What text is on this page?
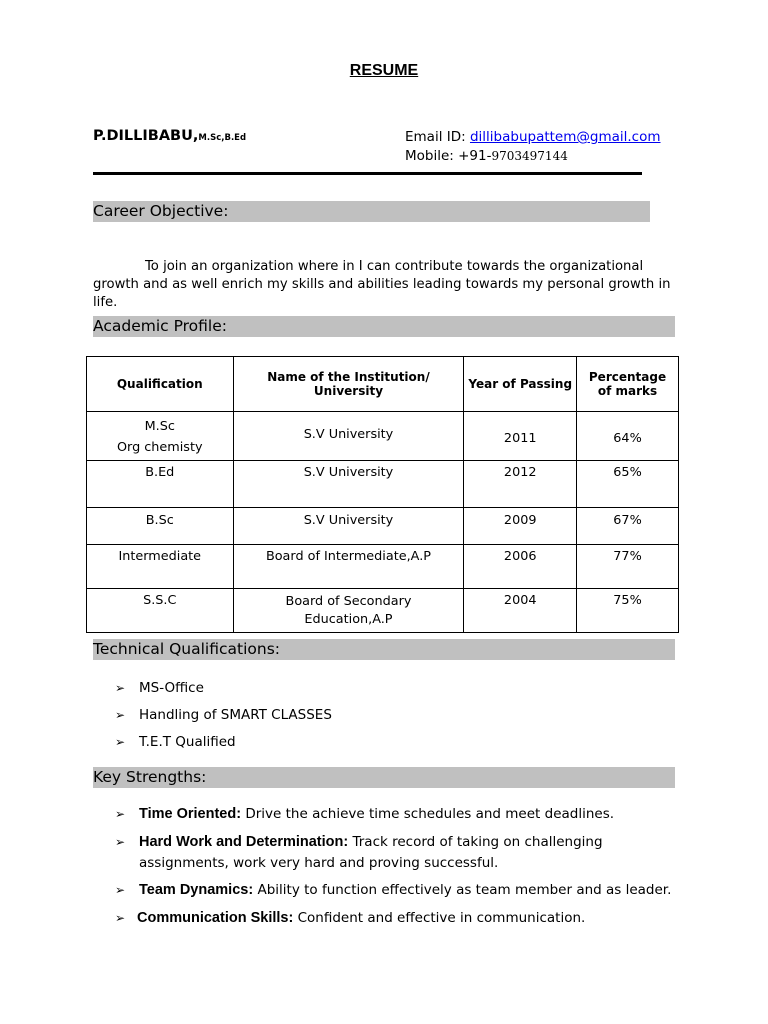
RESUME
P.DILLIBABU,M.Sc,B.Ed	Email ID: dillibabupattem@gmail.com
Mobile: +91-9703497144
Career Objective:
To join an organization where in I can contribute towards the organizational growth and as well enrich my skills and abilities leading towards my personal growth in life.
Academic Profile:
Qualification	Name of the Institution/ University	Year of Passing	Percentage of marks

M.Sc
Org chemisty	S.V University	2011	64%
B.Ed	S.V University	2012	65%
B.Sc	S.V University	2009	67%
Intermediate	Board of Intermediate,A.P	2006	77%
S.S.C	Board of Secondary Education,A.P	2004	75%
Technical Qualifications:
➢ MS-Office
➢ Handling of SMART CLASSES
➢ T.E.T Qualified
Key Strengths:
➢ Time Oriented: Drive the achieve time schedules and meet deadlines.
➢ Hard Work and Determination: Track record of taking on challenging assignments, work very hard and proving successful.
➢ Team Dynamics: Ability to function effectively as team member and as leader.
➢ Communication Skills: Confident and effective in communication.
